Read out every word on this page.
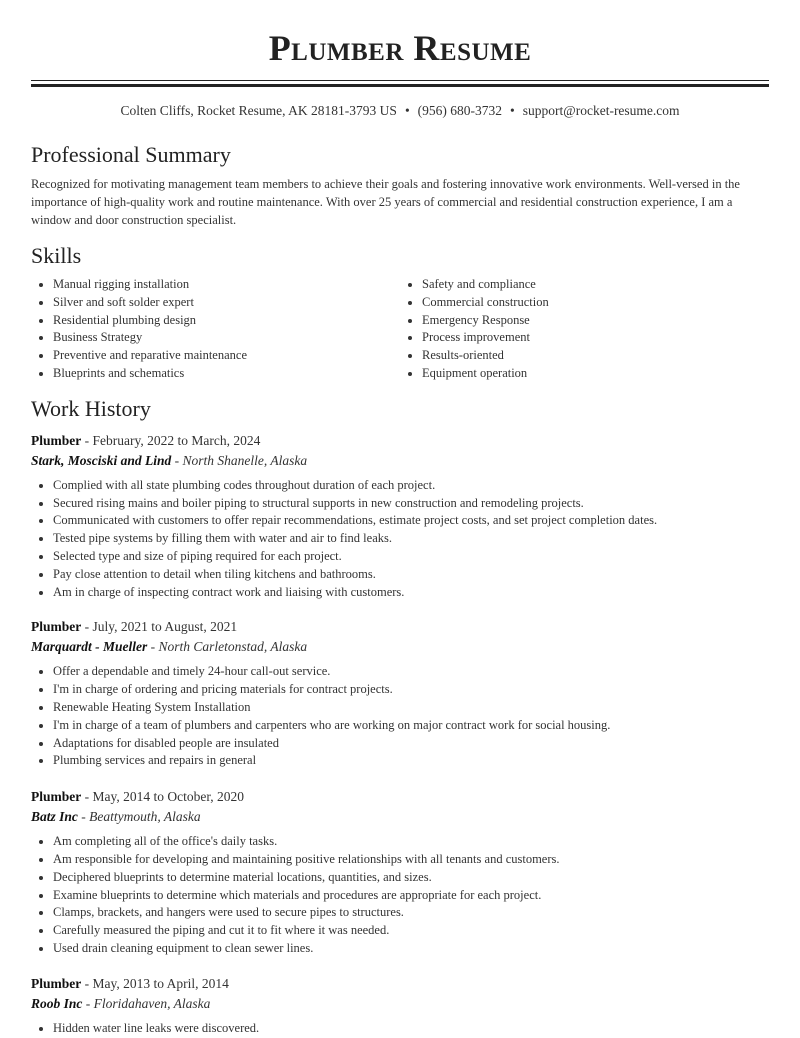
Plumber Resume
Colten Cliffs, Rocket Resume, AK 28181-3793 US • (956) 680-3732 • support@rocket-resume.com
Professional Summary

Recognized for motivating management team members to achieve their goals and fostering innovative work environments. Well-versed in the importance of high-quality work and routine maintenance. With over 25 years of commercial and residential construction experience, I am a window and door construction specialist.

Skills
• Manual rigging installation
• Silver and soft solder expert
• Residential plumbing design
• Business Strategy
• Preventive and reparative maintenance
• Blueprints and schematics
• Safety and compliance
• Commercial construction
• Emergency Response
• Process improvement
• Results-oriented
• Equipment operation
Work History
Plumber - February, 2022 to March, 2024
Stark, Mosciski and Lind - North Shanelle, Alaska
• Complied with all state plumbing codes throughout duration of each project.
• Secured rising mains and boiler piping to structural supports in new construction and remodeling projects.
• Communicated with customers to offer repair recommendations, estimate project costs, and set project completion dates.
• Tested pipe systems by filling them with water and air to find leaks.
• Selected type and size of piping required for each project.
• Pay close attention to detail when tiling kitchens and bathrooms.
• Am in charge of inspecting contract work and liaising with customers.
Plumber - July, 2021 to August, 2021
Marquardt - Mueller - North Carletonstad, Alaska
• Offer a dependable and timely 24-hour call-out service.
• I'm in charge of ordering and pricing materials for contract projects.
• Renewable Heating System Installation
• I'm in charge of a team of plumbers and carpenters who are working on major contract work for social housing.
• Adaptations for disabled people are insulated
• Plumbing services and repairs in general
Plumber - May, 2014 to October, 2020
Batz Inc - Beattymouth, Alaska
• Am completing all of the office's daily tasks.
• Am responsible for developing and maintaining positive relationships with all tenants and customers.
• Deciphered blueprints to determine material locations, quantities, and sizes.
• Examine blueprints to determine which materials and procedures are appropriate for each project.
• Clamps, brackets, and hangers were used to secure pipes to structures.
• Carefully measured the piping and cut it to fit where it was needed.
• Used drain cleaning equipment to clean sewer lines.
Plumber - May, 2013 to April, 2014
Roob Inc - Floridahaven, Alaska
• Hidden water line leaks were discovered.
